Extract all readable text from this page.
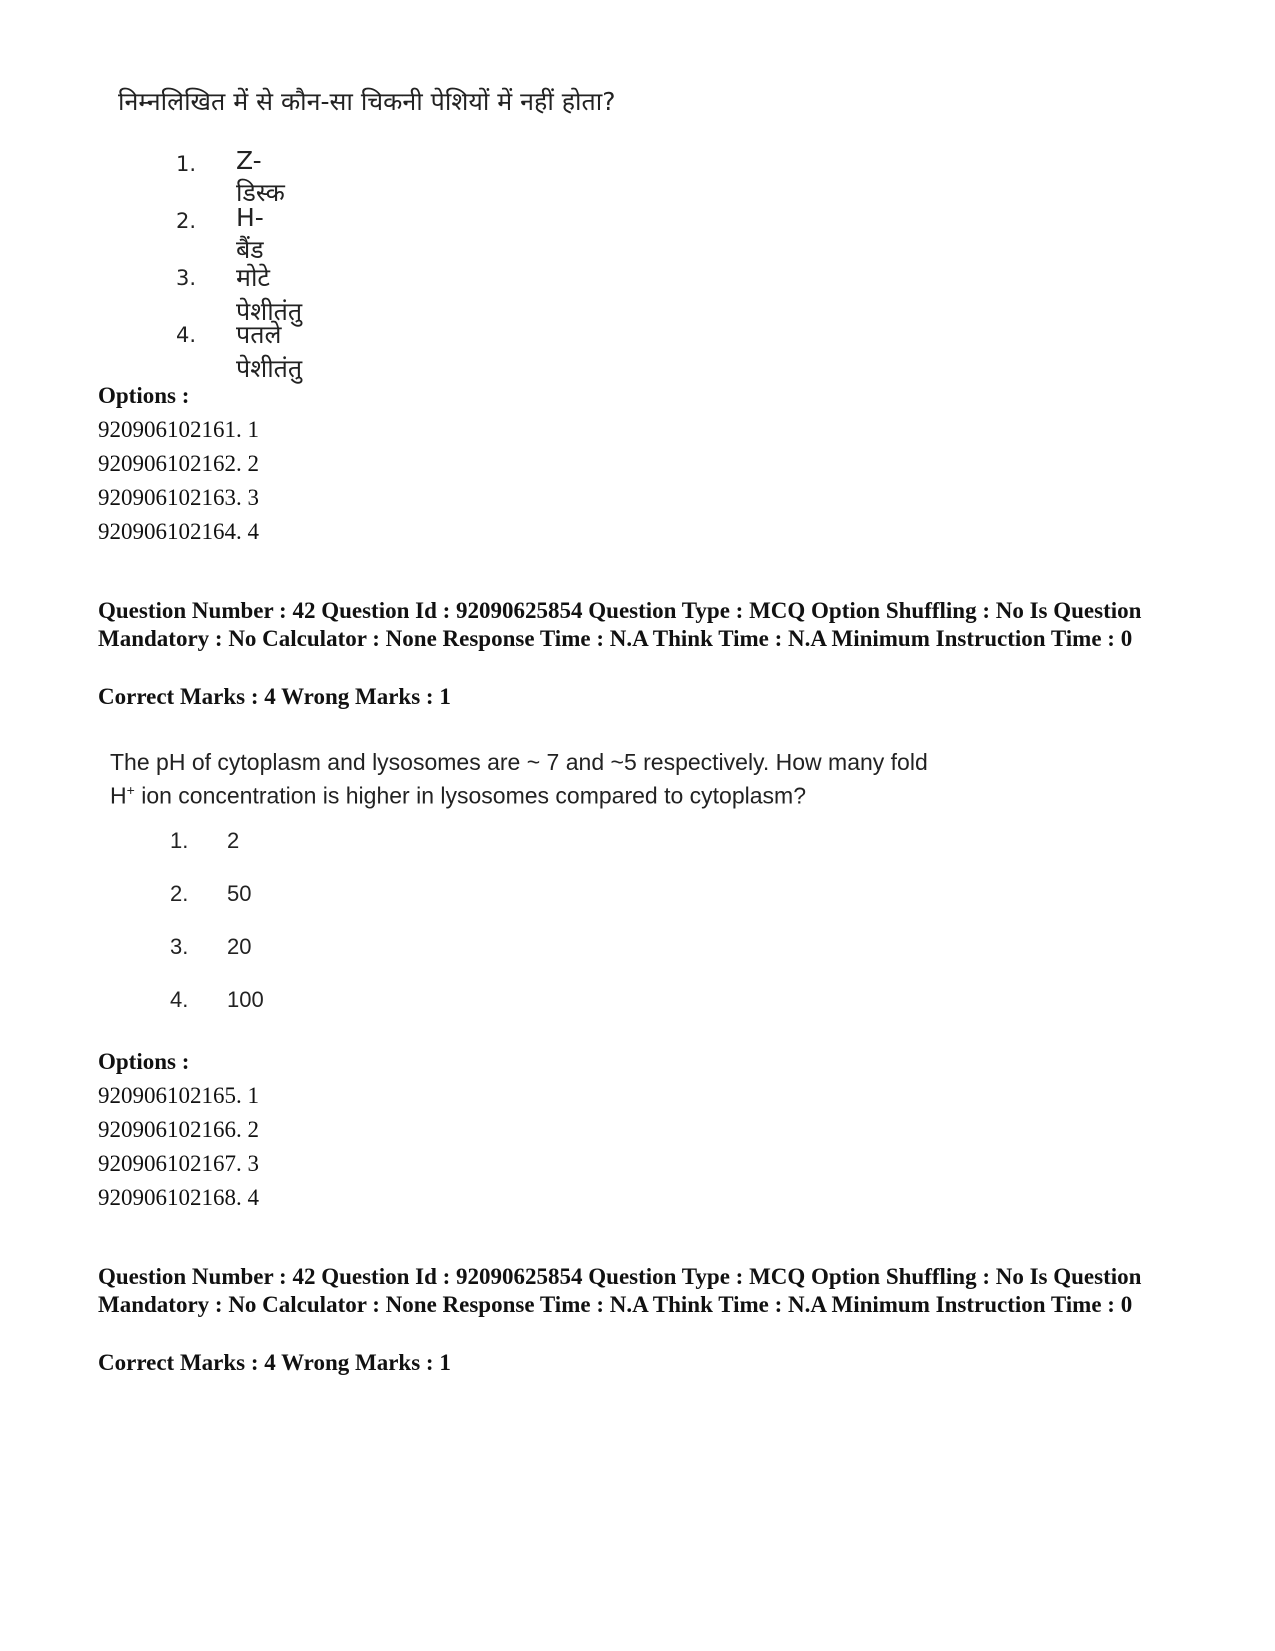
निम्नलिखित में से कौन-सा चिकनी पेशियों में नहीं होता?
1. Z-डिस्क
2. H-बैंड
3. मोटे पेशीतंतु
4. पतले पेशीतंतु
Options :
920906102161. 1
920906102162. 2
920906102163. 3
920906102164. 4
Question Number : 42 Question Id : 92090625854 Question Type : MCQ Option Shuffling : No Is Question Mandatory : No Calculator : None Response Time : N.A Think Time : N.A Minimum Instruction Time : 0
Correct Marks : 4 Wrong Marks : 1
The pH of cytoplasm and lysosomes are ~ 7 and ~5 respectively. How many fold
H+ ion concentration is higher in lysosomes compared to cytoplasm?
1. 2
2. 50
3. 20
4. 100
Options :
920906102165. 1
920906102166. 2
920906102167. 3
920906102168. 4
Question Number : 42 Question Id : 92090625854 Question Type : MCQ Option Shuffling : No Is Question Mandatory : No Calculator : None Response Time : N.A Think Time : N.A Minimum Instruction Time : 0
Correct Marks : 4 Wrong Marks : 1
